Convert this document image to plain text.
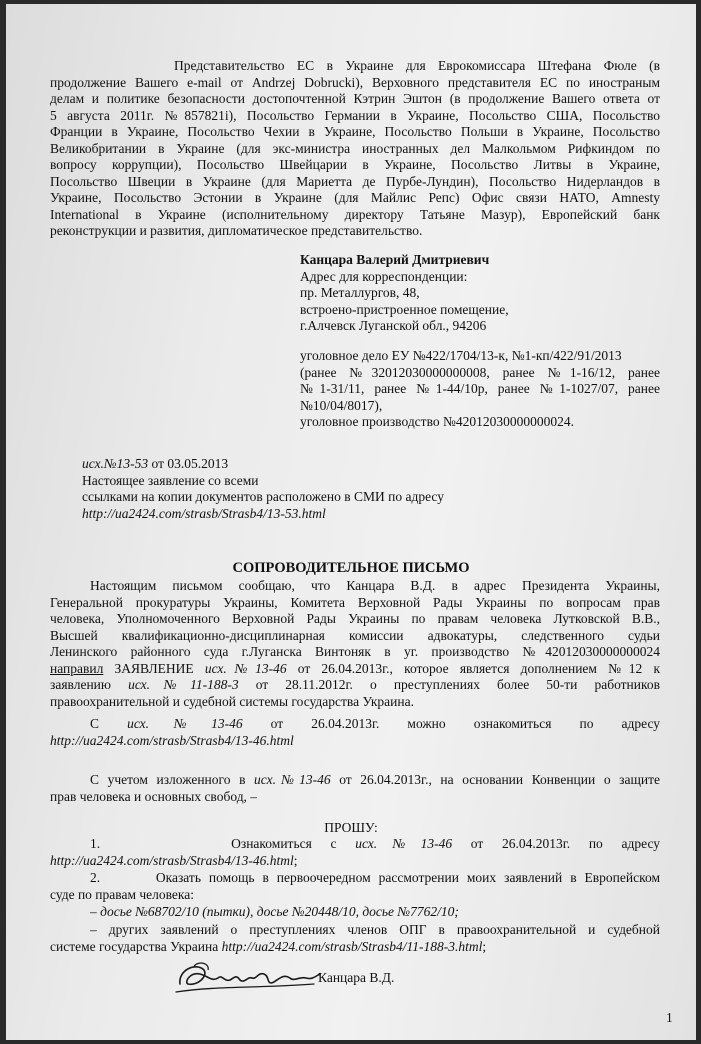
Представительство ЕС в Украине для Еврокомиссара Штефана Фюле (в
продолжение Вашего e-mail от Andrzej Dobrucki), Верховного представителя ЕС по иностраным
делам и политике безопасности достопочтенной Кэтрин Эштон (в продолжение Вашего ответа от
5 августа 2011г. №857821i), Посольство Германии в Украине, Посольство США, Посольство
Франции в Украине, Посольство Чехии в Украине, Посольство Польши в Украине, Посольство
Великобритании в Украине (для экс-министра иностранных дел Малкольмом Рифкиндом по
вопросу коррупции), Посольство Швейцарии в Украине, Посольство Литвы в Украине,
Посольство Швеции в Украине (для Мариетта де Пурбе-Лундин), Посольство Нидерландов в
Украине, Посольство Эстонии в Украине (для Майлис Репс) Офис связи НАТО, Amnesty
International в Украине (исполнительному директору Татьяне Мазур), Европейский банк
реконструкции и развития, дипломатическое представительство.
Канцара Валерий Дмитриевич
Адрес для корреспонденции:
пр. Металлургов, 48,
встроено-пристроенное помещение,
г.Алчевск Луганской обл., 94206
уголовное дело ЕУ №422/1704/13-к, №1-кп/422/91/2013
(ранее №32012030000000008, ранее №1-16/12, ранее
№1-31/11, ранее №1-44/10р, ранее №1-1027/07, ранее
№10/04/8017),
уголовное производство №42012030000000024.
исх.№13-53 от 03.05.2013
Настоящее заявление со всеми
ссылками на копии документов расположено в СМИ по адресу
http://ua2424.com/strasb/Strasb4/13-53.html
СОПРОВОДИТЕЛЬНОЕ ПИСЬМО
Настоящим письмом сообщаю, что Канцара В.Д. в адрес Президента Украины,
Генеральной прокуратуры Украины, Комитета Верховной Рады Украины по вопросам прав
человека, Уполномоченного Верховной Рады Украины по правам человека Лутковской В.В.,
Высшей квалификационно-дисциплинарная комиссии адвокатуры, следственного судьи
Ленинского районного суда г.Луганска Винтоняк в уг. производство №42012030000000024
направил ЗАЯВЛЕНИЕ исх.№13-46 от 26.04.2013г., которое является дополнением №12 к
заявлению исх.№11-188-3 от 28.11.2012г. о преступлениях более 50-ти работников
правоохранительной и судебной системы государства Украина.
С исх.№13-46 от 26.04.2013г. можно ознакомиться по адресу
http://ua2424.com/strasb/Strasb4/13-46.html
С учетом изложенного в исх.№13-46 от 26.04.2013г., на основании Конвенции о защите
прав человека и основных свобод, –
ПРОШУ:
1.	Ознакомиться с исх.№13-46 от 26.04.2013г. по адресу
http://ua2424.com/strasb/Strasb4/13-46.html;
2.	Оказать помощь в первоочередном рассмотрении моих заявлений в Европейском
суде по правам человека:
– досье №68702/10 (пытки), досье №20448/10, досье №7762/10;
– других заявлений о преступлениях членов ОПГ в правоохранительной и судебной
системе государства Украина http://ua2424.com/strasb/Strasb4/11-188-3.html;
Канцара В.Д.
1
